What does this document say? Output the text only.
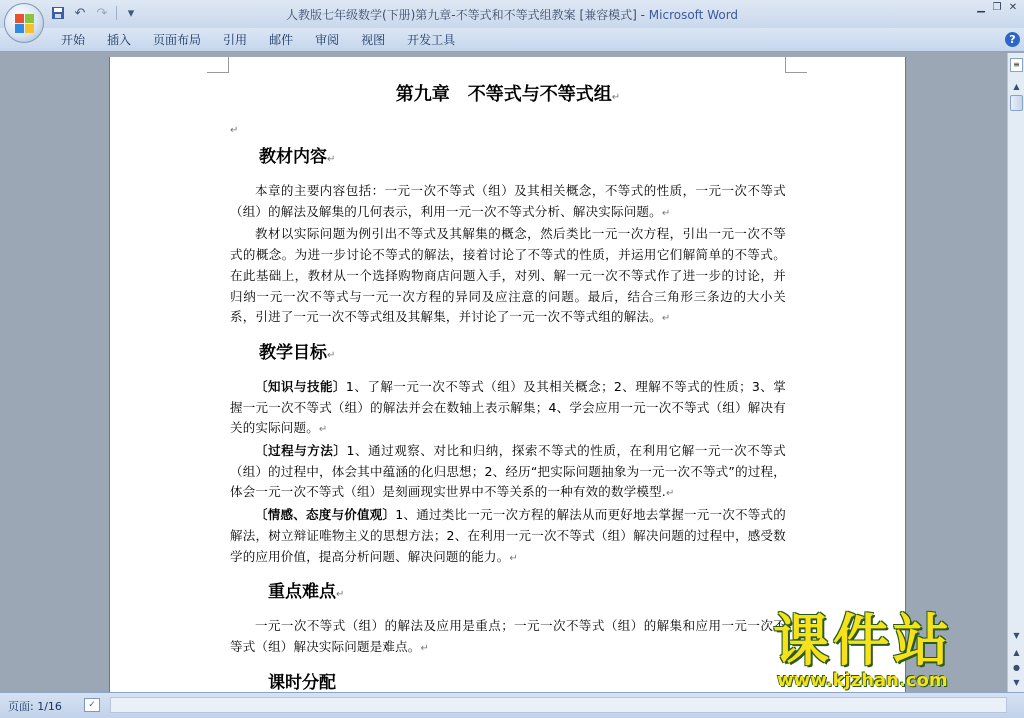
↶ ↷	▾	人教版七年级数学(下册)第九章-不等式和不等式组教案 [兼容模式] - Microsoft Word
▁ ❐ ✕
开始	插入	页面布局	引用	邮件	审阅	视图	开发工具	?
第九章　不等式与不等式组↵
↵
教材内容↵
本章的主要内容包括：一元一次不等式（组）及其相关概念，不等式的性质，一元一次不等式（组）的解法及解集的几何表示，利用一元一次不等式分析、解决实际问题。↵
教材以实际问题为例引出不等式及其解集的概念，然后类比一元一次方程，引出一元一次不等式的概念。为进一步讨论不等式的解法，接着讨论了不等式的性质，并运用它们解简单的不等式。在此基础上，教材从一个选择购物商店问题入手，对列、解一元一次不等式作了进一步的讨论，并归纳一元一次不等式与一元一次方程的异同及应注意的问题。最后，结合三角形三条边的大小关系，引进了一元一次不等式组及其解集，并讨论了一元一次不等式组的解法。↵
教学目标↵
〔知识与技能〕1、了解一元一次不等式（组）及其相关概念；2、理解不等式的性质；3、掌握一元一次不等式（组）的解法并会在数轴上表示解集；4、学会应用一元一次不等式（组）解决有关的实际问题。↵
〔过程与方法〕1、通过观察、对比和归纳，探索不等式的性质，在利用它解一元一次不等式（组）的过程中，体会其中蕴涵的化归思想；2、经历“把实际问题抽象为一元一次不等式”的过程，体会一元一次不等式（组）是刻画现实世界中不等关系的一种有效的数学模型.↵
〔情感、态度与价值观〕1、通过类比一元一次方程的解法从而更好地去掌握一元一次不等式的解法，树立辩证唯物主义的思想方法；2、在利用一元一次不等式（组）解决问题的过程中，感受数学的应用价值，提高分析问题、解决问题的能力。↵
重点难点↵
一元一次不等式（组）的解法及应用是重点；一元一次不等式（组）的解集和应用一元一次不等式（组）解决实际问题是难点。↵
课时分配
≡
▲
▼
▲
●
▼
页面: 1/16	✓
课件站
www.kjzhan.com
